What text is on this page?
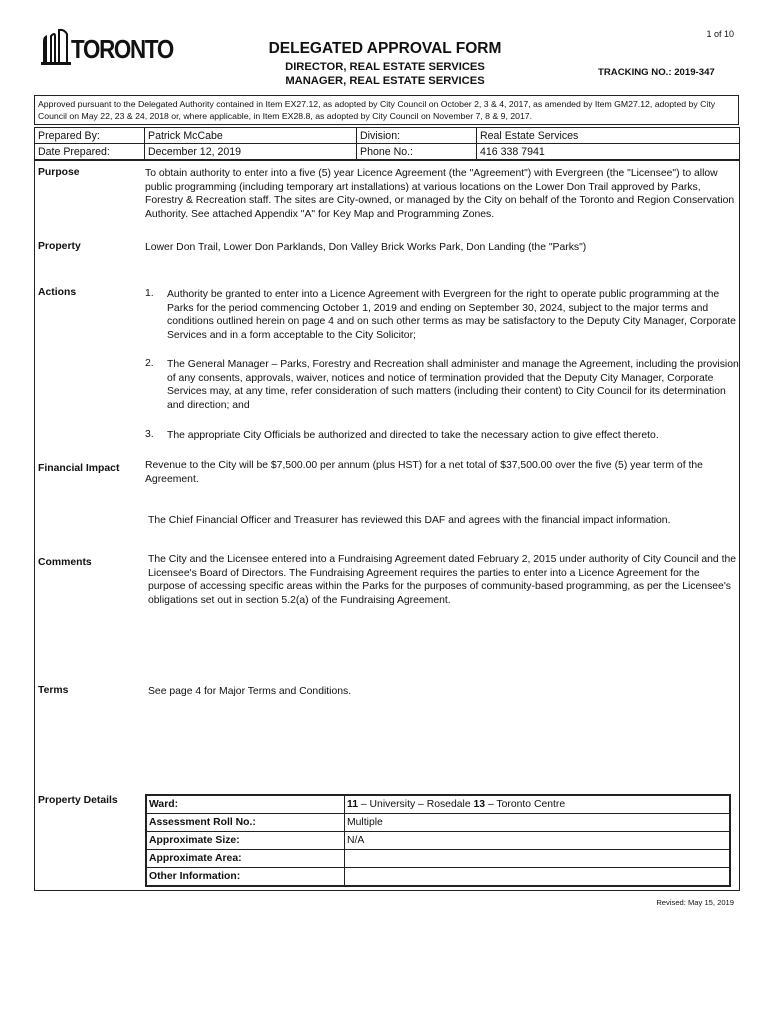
1 of 10
TORONTO	DELEGATED APPROVAL FORM
DIRECTOR, REAL ESTATE SERVICES
MANAGER, REAL ESTATE SERVICES
TRACKING NO.: 2019-347
Approved pursuant to the Delegated Authority contained in Item EX27.12, as adopted by City Council on October 2, 3 & 4, 2017, as amended by Item GM27.12, adopted by City Council on May 22, 23 & 24, 2018 or, where applicable, in Item EX28.8, as adopted by City Council on November 7, 8 & 9, 2017.
Prepared By:	Patrick McCabe	Division:	Real Estate Services
Date Prepared:	December 12, 2019	Phone No.:	416 338 7941
Purpose	To obtain authority to enter into a five (5) year Licence Agreement (the "Agreement") with Evergreen (the "Licensee") to allow public programming (including temporary art installations) at various locations on the Lower Don Trail approved by Parks, Forestry & Recreation staff. The sites are City-owned, or managed by the City on behalf of the Toronto and Region Conservation Authority. See attached Appendix "A" for Key Map and Programming Zones.
Property	Lower Don Trail, Lower Don Parklands, Don Valley Brick Works Park, Don Landing (the "Parks")
Actions	1. Authority be granted to enter into a Licence Agreement with Evergreen for the right to operate public programming at the Parks for the period commencing October 1, 2019 and ending on September 30, 2024, subject to the major terms and conditions outlined herein on page 4 and on such other terms as may be satisfactory to the Deputy City Manager, Corporate Services and in a form acceptable to the City Solicitor;
2. The General Manager – Parks, Forestry and Recreation shall administer and manage the Agreement, including the provision of any consents, approvals, waiver, notices and notice of termination provided that the Deputy City Manager, Corporate Services may, at any time, refer consideration of such matters (including their content) to City Council for its determination and direction; and
3. The appropriate City Officials be authorized and directed to take the necessary action to give effect thereto.
Financial Impact Revenue to the City will be $7,500.00 per annum (plus HST) for a net total of $37,500.00 over the five (5) year term of the Agreement.
The Chief Financial Officer and Treasurer has reviewed this DAF and agrees with the financial impact information.
Comments	The City and the Licensee entered into a Fundraising Agreement dated February 2, 2015 under authority of City Council and the Licensee's Board of Directors. The Fundraising Agreement requires the parties to enter into a Licence Agreement for the purpose of accessing specific areas within the Parks for the purposes of community-based programming, as per the Licensee's obligations set out in section 5.2(a) of the Fundraising Agreement.
Terms	See page 4 for Major Terms and Conditions.
Property Details	Ward:	11 – University – Rosedale 13 – Toronto Centre
Assessment Roll No.:	Multiple
Approximate Size:	N/A
Approximate Area:	
Other Information:	
Revised: May 15, 2019
